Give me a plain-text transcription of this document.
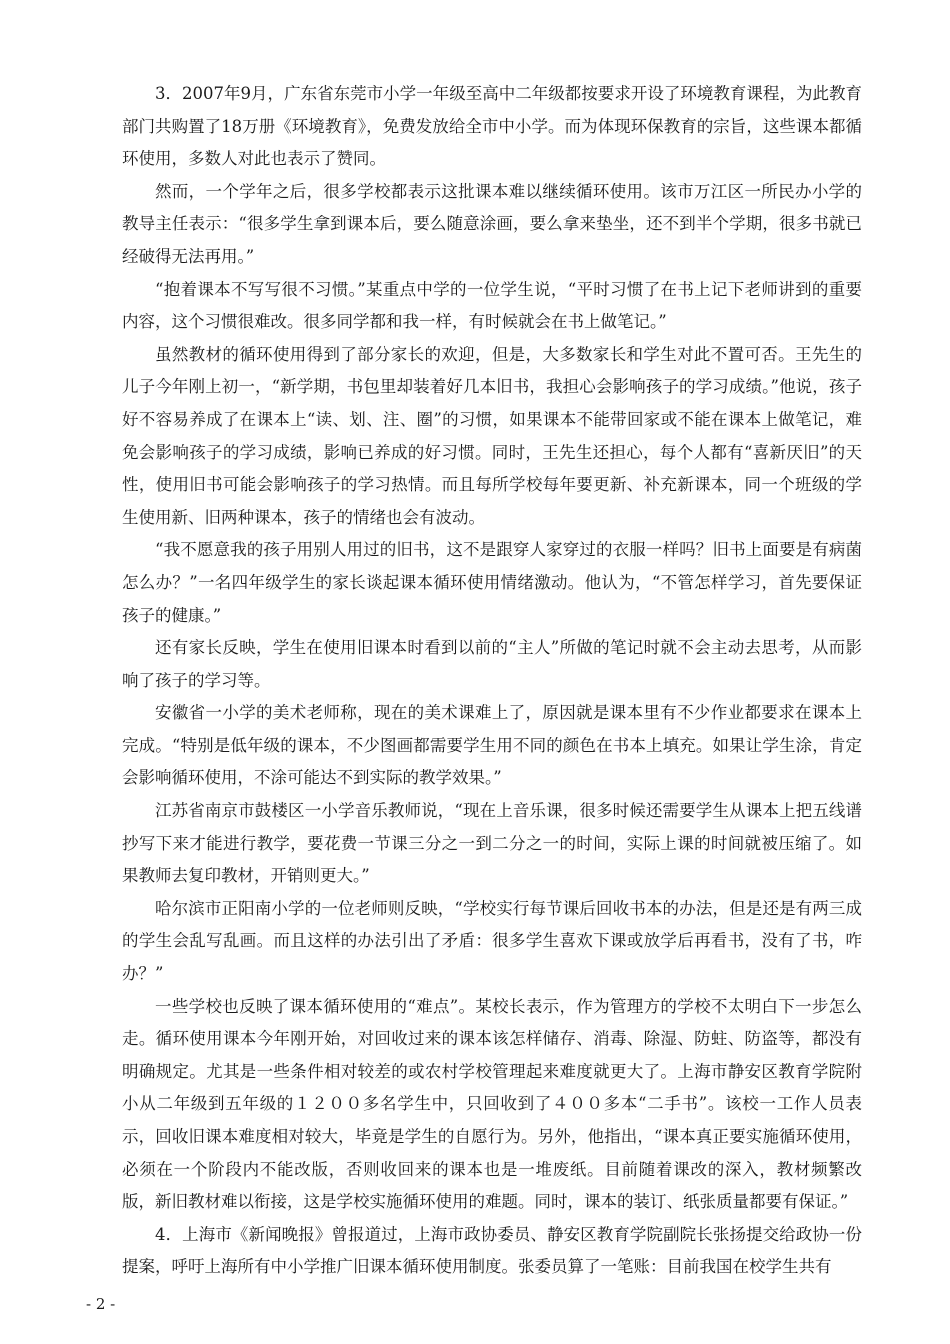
3．2007年9月，广东省东莞市小学一年级至高中二年级都按要求开设了环境教育课程，为此教育部门共购置了18万册《环境教育》，免费发放给全市中小学。而为体现环保教育的宗旨，这些课本都循环使用，多数人对此也表示了赞同。

然而，一个学年之后，很多学校都表示这批课本难以继续循环使用。该市万江区一所民办小学的教导主任表示：“很多学生拿到课本后，要么随意涂画，要么拿来垫坐，还不到半个学期，很多书就已经破得无法再用。”

“抱着课本不写写很不习惯。”某重点中学的一位学生说，“平时习惯了在书上记下老师讲到的重要内容，这个习惯很难改。很多同学都和我一样，有时候就会在书上做笔记。”

虽然教材的循环使用得到了部分家长的欢迎，但是，大多数家长和学生对此不置可否。王先生的儿子今年刚上初一，“新学期，书包里却装着好几本旧书，我担心会影响孩子的学习成绩。”他说，孩子好不容易养成了在课本上“读、划、注、圈”的习惯，如果课本不能带回家或不能在课本上做笔记，难免会影响孩子的学习成绩，影响已养成的好习惯。同时，王先生还担心，每个人都有“喜新厌旧”的天性，使用旧书可能会影响孩子的学习热情。而且每所学校每年要更新、补充新课本，同一个班级的学生使用新、旧两种课本，孩子的情绪也会有波动。

“我不愿意我的孩子用别人用过的旧书，这不是跟穿人家穿过的衣服一样吗？旧书上面要是有病菌怎么办？”一名四年级学生的家长谈起课本循环使用情绪激动。他认为，“不管怎样学习，首先要保证孩子的健康。”

还有家长反映，学生在使用旧课本时看到以前的“主人”所做的笔记时就不会主动去思考，从而影响了孩子的学习等。

安徽省一小学的美术老师称，现在的美术课难上了，原因就是课本里有不少作业都要求在课本上完成。“特别是低年级的课本，不少图画都需要学生用不同的颜色在书本上填充。如果让学生涂，肯定会影响循环使用，不涂可能达不到实际的教学效果。”

江苏省南京市鼓楼区一小学音乐教师说，“现在上音乐课，很多时候还需要学生从课本上把五线谱抄写下来才能进行教学，要花费一节课三分之一到二分之一的时间，实际上课的时间就被压缩了。如果教师去复印教材，开销则更大。”

哈尔滨市正阳南小学的一位老师则反映，“学校实行每节课后回收书本的办法，但是还是有两三成的学生会乱写乱画。而且这样的办法引出了矛盾：很多学生喜欢下课或放学后再看书，没有了书，咋办？”

一些学校也反映了课本循环使用的“难点”。某校长表示，作为管理方的学校不太明白下一步怎么走。循环使用课本今年刚开始，对回收过来的课本该怎样储存、消毒、除湿、防蛀、防盗等，都没有明确规定。尤其是一些条件相对较差的或农村学校管理起来难度就更大了。上海市静安区教育学院附小从二年级到五年级的１２００多名学生中，只回收到了４００多本“二手书”。该校一工作人员表示，回收旧课本难度相对较大，毕竟是学生的自愿行为。另外，他指出，“课本真正要实施循环使用，必须在一个阶段内不能改版，否则收回来的课本也是一堆废纸。目前随着课改的深入，教材频繁改版，新旧教材难以衔接，这是学校实施循环使用的难题。同时，课本的装订、纸张质量都要有保证。”

4．上海市《新闻晚报》曾报道过，上海市政协委员、静安区教育学院副院长张扬提交给政协一份提案，呼吁上海所有中小学推广旧课本循环使用制度。张委员算了一笔账：目前我国在校学生共有

- 2 -
